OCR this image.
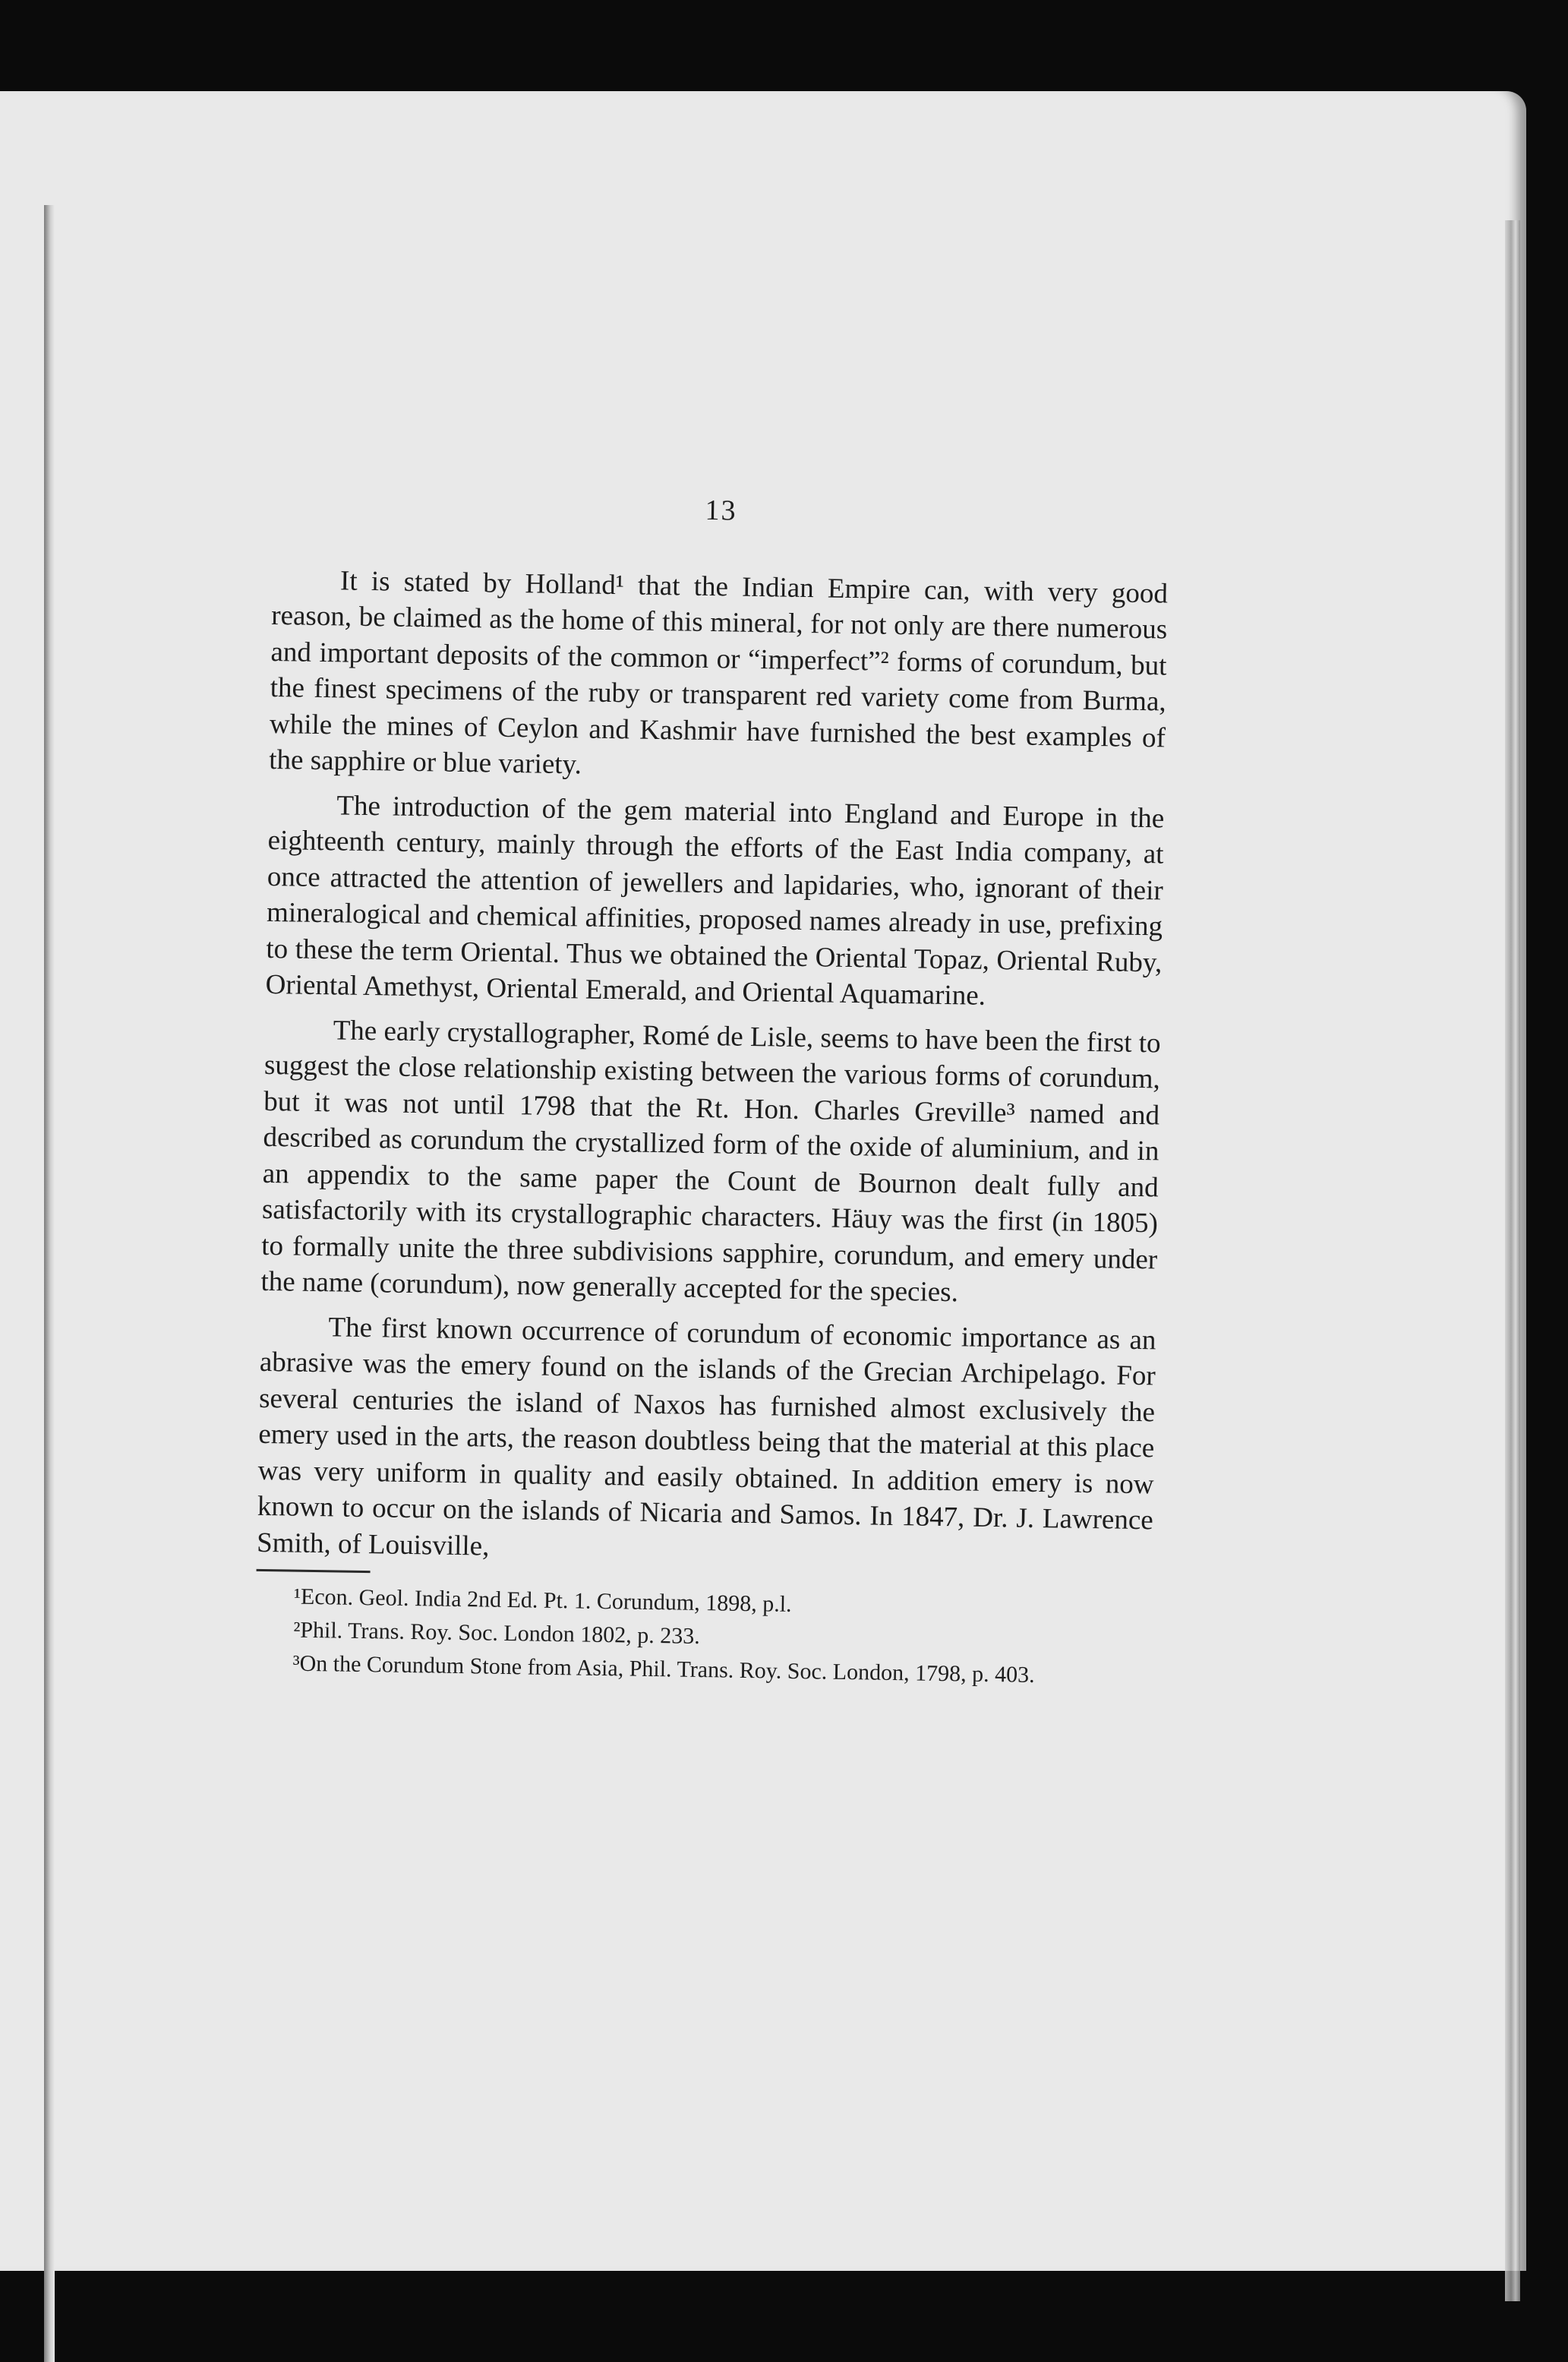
13

It is stated by Holland¹ that the Indian Empire can, with very good reason, be claimed as the home of this mineral, for not only are there numerous and important deposits of the common or “imperfect”² forms of corundum, but the finest specimens of the ruby or transparent red variety come from Burma, while the mines of Ceylon and Kashmir have furnished the best examples of the sapphire or blue variety.

The introduction of the gem material into England and Europe in the eighteenth century, mainly through the efforts of the East India company, at once attracted the attention of jewellers and lapidaries, who, ignorant of their mineralogical and chemical affinities, proposed names already in use, prefixing to these the term Oriental. Thus we obtained the Oriental Topaz, Oriental Ruby, Oriental Amethyst, Oriental Emerald, and Oriental Aquamarine.

The early crystallographer, Romé de Lisle, seems to have been the first to suggest the close relationship existing between the various forms of corundum, but it was not until 1798 that the Rt. Hon. Charles Greville³ named and described as corundum the crystallized form of the oxide of aluminium, and in an appendix to the same paper the Count de Bournon dealt fully and satisfactorily with its crystallographic characters. Häuy was the first (in 1805) to formally unite the three subdivisions sapphire, corundum, and emery under the name (corundum), now generally accepted for the species.

The first known occurrence of corundum of economic importance as an abrasive was the emery found on the islands of the Grecian Archipelago. For several centuries the island of Naxos has furnished almost exclusively the emery used in the arts, the reason doubtless being that the material at this place was very uniform in quality and easily obtained. In addition emery is now known to occur on the islands of Nicaria and Samos. In 1847, Dr. J. Lawrence Smith, of Louisville,

¹Econ. Geol. India 2nd Ed. Pt. 1. Corundum, 1898, p.l.

²Phil. Trans. Roy. Soc. London 1802, p. 233.

³On the Corundum Stone from Asia, Phil. Trans. Roy. Soc. London, 1798, p. 403.
